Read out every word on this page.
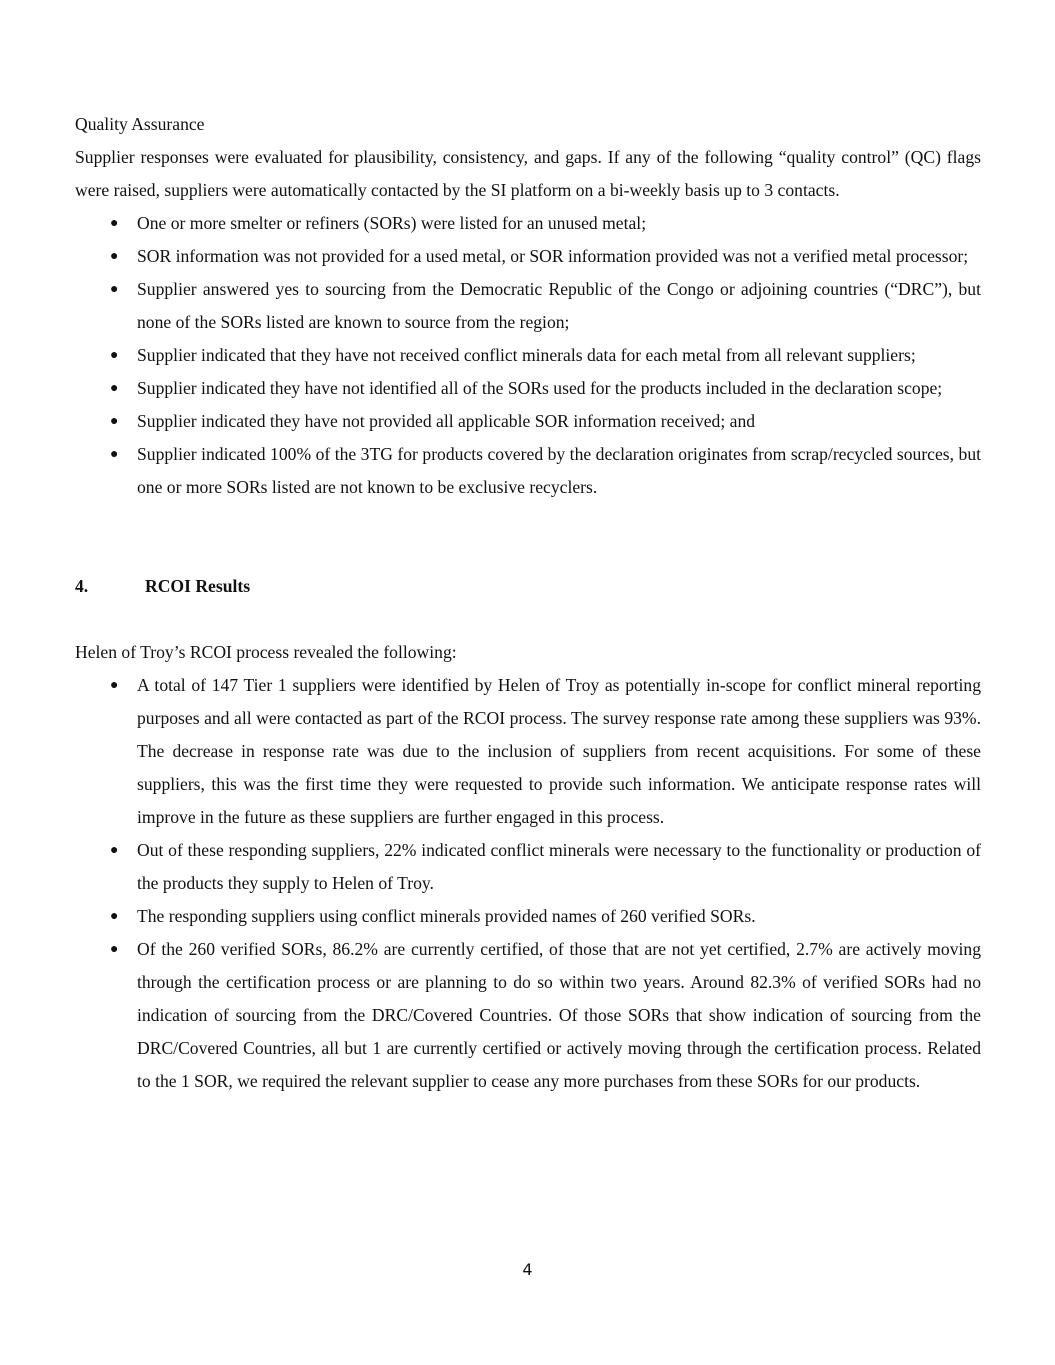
Quality Assurance

Supplier responses were evaluated for plausibility, consistency, and gaps. If any of the following “quality control” (QC) flags were raised, suppliers were automatically contacted by the SI platform on a bi-weekly basis up to 3 contacts.

● One or more smelter or refiners (SORs) were listed for an unused metal;
● SOR information was not provided for a used metal, or SOR information provided was not a verified metal processor;
● Supplier answered yes to sourcing from the Democratic Republic of the Congo or adjoining countries (“DRC”), but none of the SORs listed are known to source from the region;
● Supplier indicated that they have not received conflict minerals data for each metal from all relevant suppliers;
● Supplier indicated they have not identified all of the SORs used for the products included in the declaration scope;
● Supplier indicated they have not provided all applicable SOR information received; and
● Supplier indicated 100% of the 3TG for products covered by the declaration originates from scrap/recycled sources, but one or more SORs listed are not known to be exclusive recyclers.
4.	RCOI Results

Helen of Troy’s RCOI process revealed the following:

● A total of 147 Tier 1 suppliers were identified by Helen of Troy as potentially in-scope for conflict mineral reporting purposes and all were contacted as part of the RCOI process. The survey response rate among these suppliers was 93%. The decrease in response rate was due to the inclusion of suppliers from recent acquisitions. For some of these suppliers, this was the first time they were requested to provide such information. We anticipate response rates will improve in the future as these suppliers are further engaged in this process.
● Out of these responding suppliers, 22% indicated conflict minerals were necessary to the functionality or production of the products they supply to Helen of Troy.
● The responding suppliers using conflict minerals provided names of 260 verified SORs.
● Of the 260 verified SORs, 86.2% are currently certified, of those that are not yet certified, 2.7% are actively moving through the certification process or are planning to do so within two years. Around 82.3% of verified SORs had no indication of sourcing from the DRC/Covered Countries. Of those SORs that show indication of sourcing from the DRC/Covered Countries, all but 1 are currently certified or actively moving through the certification process. Related to the 1 SOR, we required the relevant supplier to cease any more purchases from these SORs for our products.
4
